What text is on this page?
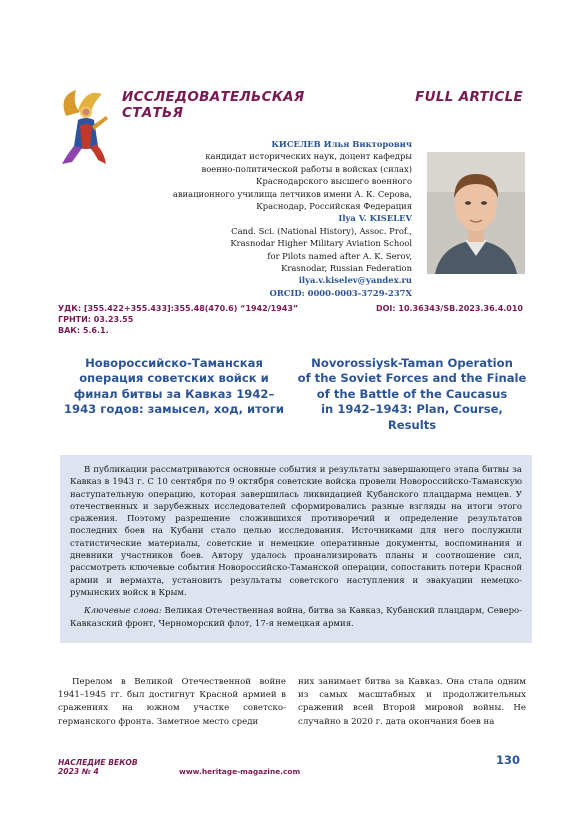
ИССЛЕДОВАТЕЛЬСКАЯ
СТАТЬЯ
FULL ARTICLE
КИСЕЛЕВ Илья Викторович
кандидат исторических наук, доцент кафедры
военно-политической работы в войсках (силах)
Краснодарского высшего военного
авиационного училища летчиков имени А. К. Серова,
Краснодар, Российская Федерация
Ilya V. KISELEV
Cand. Sci. (National History), Assoc. Prof.,
Krasnodar Higher Military Aviation School
for Pilots named after A. K. Serov,
Krasnodar, Russian Federation
ilya.v.kiselev@yandex.ru
ORCID: 0000-0003-3729-237X
УДК: [355.422+355.433]:355.48(470.6) “1942/1943”
ГРНТИ: 03.23.55
ВАК: 5.6.1.
DOI: 10.36343/SB.2023.36.4.010
Новороссийско-Таманская
операция советских войск и
финал битвы за Кавказ 1942–
1943 годов: замысел, ход, итоги
Novorossiysk-Taman Operation
of the Soviet Forces and the Finale
of the Battle of the Caucasus
in 1942–1943: Plan, Course, Results

В публикации рассматриваются основные события и результаты завершающего этапа битвы за Кавказ в 1943 г. С 10 сентября по 9 октября советские войска провели Новороссийско-Таманскую наступательную операцию, которая завершилась ликвидацией Кубанского плацдарма немцев. У отечественных и зарубежных исследователей сформировались разные взгляды на итоги этого сражения. Поэтому разрешение сложившихся противоречий и определение результатов последних боев на Кубани стало целью исследования. Источниками для него послужили статистические материалы, советские и немецкие оперативные документы, воспоминания и дневники участников боев. Автору удалось проанализировать планы и соотношение сил, рассмотреть ключевые события Новороссийско-Таманской операции, сопоставить потери Красной армии и вермахта, установить результаты советского наступления и эвакуации немецко-румынских войск в Крым.

Ключевые слова: Великая Отечественная война, битва за Кавказ, Кубанский плацдарм, Северо-Кавказский фронт, Черноморский флот, 17-я немецкая армия.

Перелом в Великой Отечественной войне 1941–1945 гг. был достигнут Красной армией в сражениях на южном участке советско-германского фронта. Заметное место среди

них занимает битва за Кавказ. Она стала одним из самых масштабных и продолжительных сражений всей Второй мировой войны. Не случайно в 2020 г. дата окончания боев на

НАСЛЕДИЕ ВЕКОВ
2023 № 4	www.heritage-magazine.com
130
